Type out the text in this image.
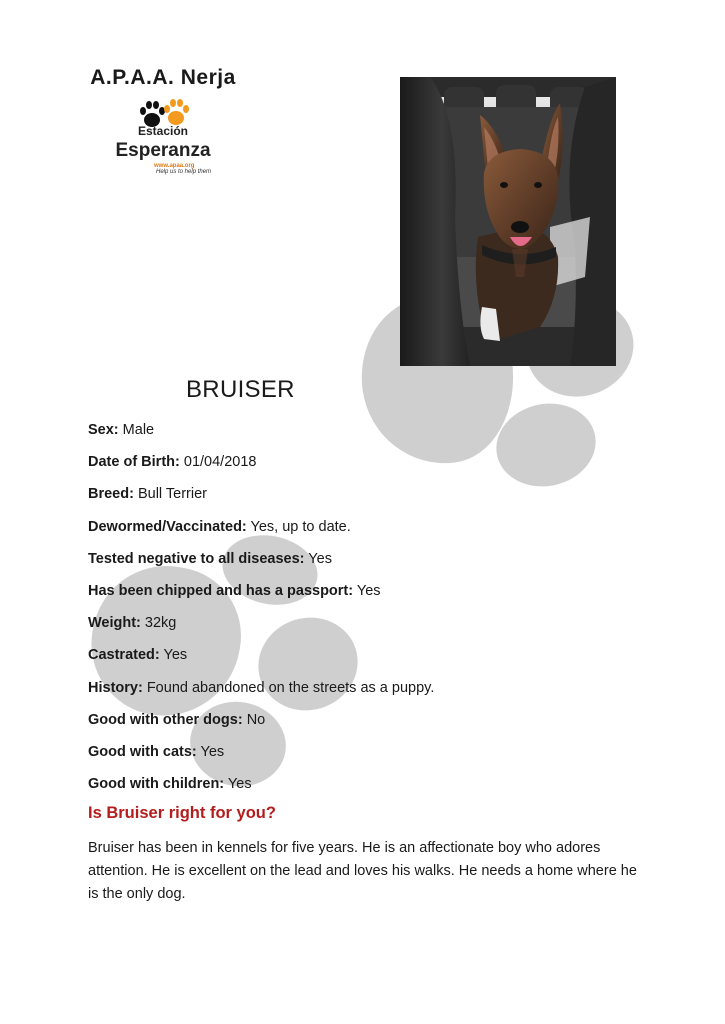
A.P.A.A. Nerja
Estación
Esperanza
www.apaa.org
Help us to help them
BRUISER
Sex: Male
Date of Birth: 01/04/2018
Breed: Bull Terrier
Dewormed/Vaccinated: Yes, up to date.
Tested negative to all diseases: Yes
Has been chipped and has a passport: Yes
Weight: 32kg
Castrated: Yes
History: Found abandoned on the streets as a puppy.
Good with other dogs: No
Good with cats: Yes
Good with children: Yes
Is Bruiser right for you?
Bruiser has been in kennels for five years. He is an affectionate boy who adores attention. He is excellent on the lead and loves his walks. He needs a home where he is the only dog.
